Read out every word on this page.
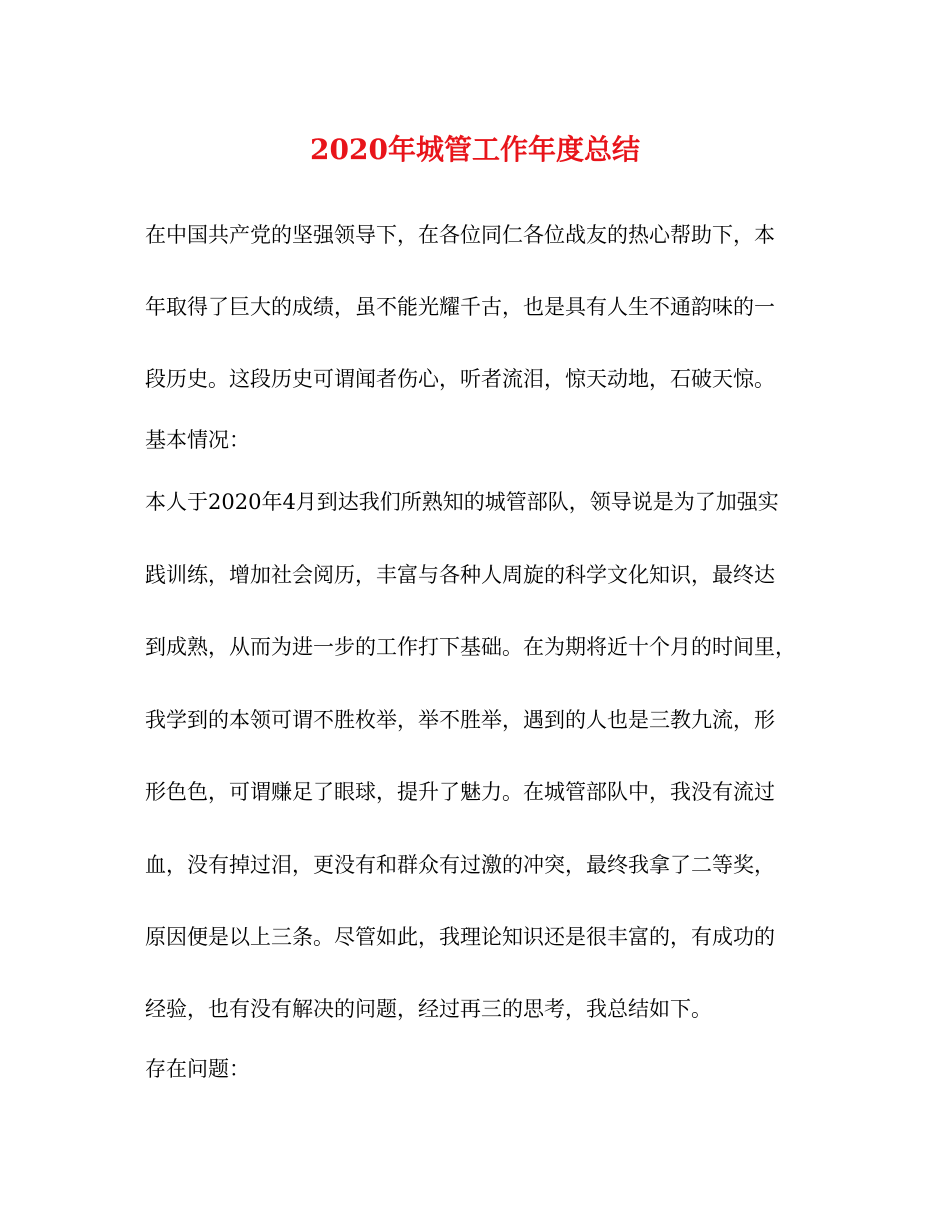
2020年城管工作年度总结
在中国共产党的坚强领导下，在各位同仁各位战友的热心帮助下，本
年取得了巨大的成绩，虽不能光耀千古，也是具有人生不通韵味的一
段历史。这段历史可谓闻者伤心，听者流泪，惊天动地，石破天惊。
基本情况：
本人于2020年4月到达我们所熟知的城管部队，领导说是为了加强实
践训练，增加社会阅历，丰富与各种人周旋的科学文化知识，最终达
到成熟，从而为进一步的工作打下基础。在为期将近十个月的时间里，
我学到的本领可谓不胜枚举，举不胜举，遇到的人也是三教九流，形
形色色，可谓赚足了眼球，提升了魅力。在城管部队中，我没有流过
血，没有掉过泪，更没有和群众有过激的冲突，最终我拿了二等奖，
原因便是以上三条。尽管如此，我理论知识还是很丰富的，有成功的
经验，也有没有解决的问题，经过再三的思考，我总结如下。
存在问题：
